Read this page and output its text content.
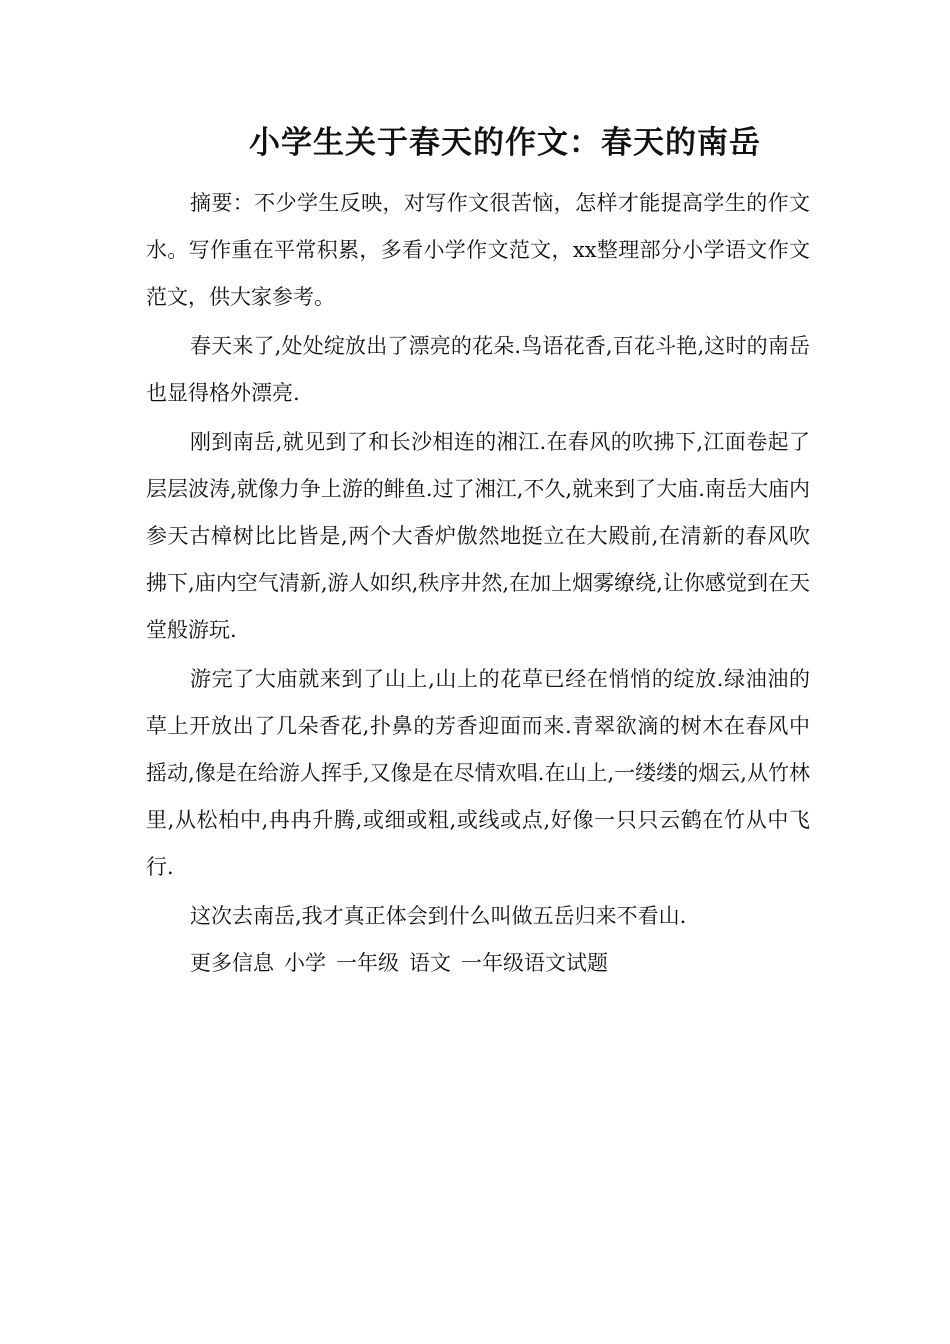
小学生关于春天的作文：春天的南岳

摘要：不少学生反映，对写作文很苦恼，怎样才能提高学生的作文水。写作重在平常积累，多看小学作文范文，xx整理部分小学语文作文范文，供大家参考。

春天来了,处处绽放出了漂亮的花朵.鸟语花香,百花斗艳,这时的南岳也显得格外漂亮.

刚到南岳,就见到了和长沙相连的湘江.在春风的吹拂下,江面卷起了层层波涛,就像力争上游的鲱鱼.过了湘江,不久,就来到了大庙.南岳大庙内参天古樟树比比皆是,两个大香炉傲然地挺立在大殿前,在清新的春风吹拂下,庙内空气清新,游人如织,秩序井然,在加上烟雾缭绕,让你感觉到在天堂般游玩.

游完了大庙就来到了山上,山上的花草已经在悄悄的绽放.绿油油的草上开放出了几朵香花,扑鼻的芳香迎面而来.青翠欲滴的树木在春风中摇动,像是在给游人挥手,又像是在尽情欢唱.在山上,一缕缕的烟云,从竹林里,从松柏中,冉冉升腾,或细或粗,或线或点,好像一只只云鹤在竹从中飞行.

这次去南岳,我才真正体会到什么叫做五岳归来不看山.

更多信息 小学 一年级 语文 一年级语文试题
